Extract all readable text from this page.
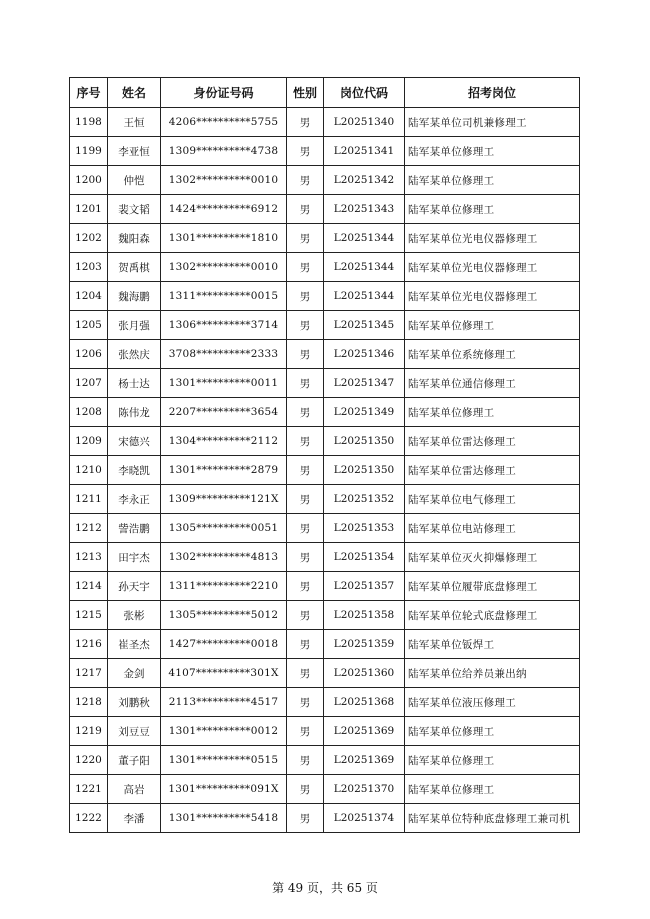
序号	姓名	身份证号码	性别	岗位代码	招考岗位
1198	王恒	4206**********5755	男	L20251340	陆军某单位司机兼修理工
1199	李亚恒	1309**********4738	男	L20251341	陆军某单位修理工
1200	仲恺	1302**********0010	男	L20251342	陆军某单位修理工
1201	裴文韬	1424**********6912	男	L20251343	陆军某单位修理工
1202	魏阳森	1301**********1810	男	L20251344	陆军某单位光电仪器修理工
1203	贺禹棋	1302**********0010	男	L20251344	陆军某单位光电仪器修理工
1204	魏海鹏	1311**********0015	男	L20251344	陆军某单位光电仪器修理工
1205	张月强	1306**********3714	男	L20251345	陆军某单位修理工
1206	张然庆	3708**********2333	男	L20251346	陆军某单位系统修理工
1207	杨士达	1301**********0011	男	L20251347	陆军某单位通信修理工
1208	陈伟龙	2207**********3654	男	L20251349	陆军某单位修理工
1209	宋德兴	1304**********2112	男	L20251350	陆军某单位雷达修理工
1210	李晓凯	1301**********2879	男	L20251350	陆军某单位雷达修理工
1211	李永正	1309**********121X	男	L20251352	陆军某单位电气修理工
1212	訾浩鹏	1305**********0051	男	L20251353	陆军某单位电站修理工
1213	田宇杰	1302**********4813	男	L20251354	陆军某单位灭火抑爆修理工
1214	孙天宇	1311**********2210	男	L20251357	陆军某单位履带底盘修理工
1215	张彬	1305**********5012	男	L20251358	陆军某单位轮式底盘修理工
1216	崔圣杰	1427**********0018	男	L20251359	陆军某单位钣焊工
1217	金剑	4107**********301X	男	L20251360	陆军某单位给养员兼出纳
1218	刘鹏秋	2113**********4517	男	L20251368	陆军某单位液压修理工
1219	刘豆豆	1301**********0012	男	L20251369	陆军某单位修理工
1220	董子阳	1301**********0515	男	L20251369	陆军某单位修理工
1221	高岩	1301**********091X	男	L20251370	陆军某单位修理工
1222	李潘	1301**********5418	男	L20251374	陆军某单位特种底盘修理工兼司机
第 49 页，共 65 页
